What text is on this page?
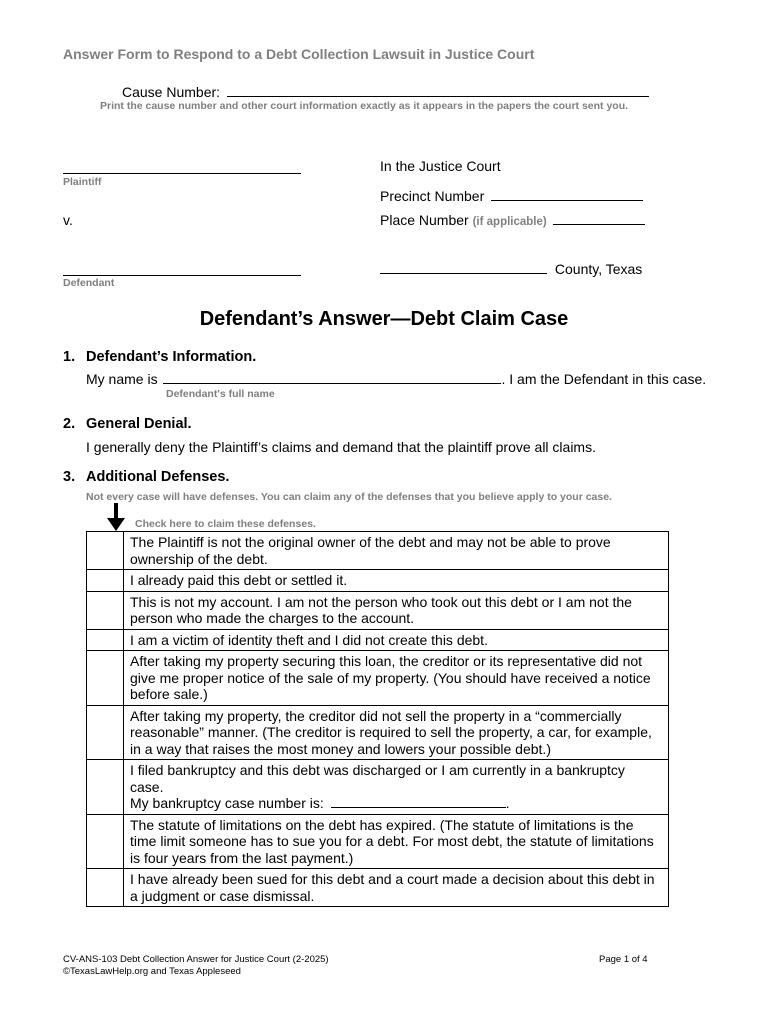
Answer Form to Respond to a Debt Collection Lawsuit in Justice Court
Cause Number:
Print the cause number and other court information exactly as it appears in the papers the court sent you.
Plaintiff
v.
Defendant
In the Justice Court
Precinct Number
Place Number (if applicable)
County, Texas
Defendant’s Answer—Debt Claim Case
1. Defendant’s Information.
My name is	. I am the Defendant in this case.
Defendant's full name
2. General Denial.
I generally deny the Plaintiff’s claims and demand that the plaintiff prove all claims.
3. Additional Defenses.
Not every case will have defenses. You can claim any of the defenses that you believe apply to your case.
Check here to claim these defenses.
	The Plaintiff is not the original owner of the debt and may not be able to prove ownership of the debt.
	I already paid this debt or settled it.
	This is not my account. I am not the person who took out this debt or I am not the person who made the charges to the account.
	I am a victim of identity theft and I did not create this debt.
	After taking my property securing this loan, the creditor or its representative did not give me proper notice of the sale of my property. (You should have received a notice before sale.)
	After taking my property, the creditor did not sell the property in a “commercially reasonable” manner. (The creditor is required to sell the property, a car, for example, in a way that raises the most money and lowers your possible debt.)

	I filed bankruptcy and this debt was discharged or I am currently in a bankruptcy case.
My bankruptcy case number is: .

	The statute of limitations on the debt has expired. (The statute of limitations is the time limit someone has to sue you for a debt. For most debt, the statute of limitations is four years from the last payment.)
	I have already been sued for this debt and a court made a decision about this debt in a judgment or case dismissal.
CV-ANS-103 Debt Collection Answer for Justice Court (2-2025)
©TexasLawHelp.org and Texas Appleseed
Page 1 of 4
